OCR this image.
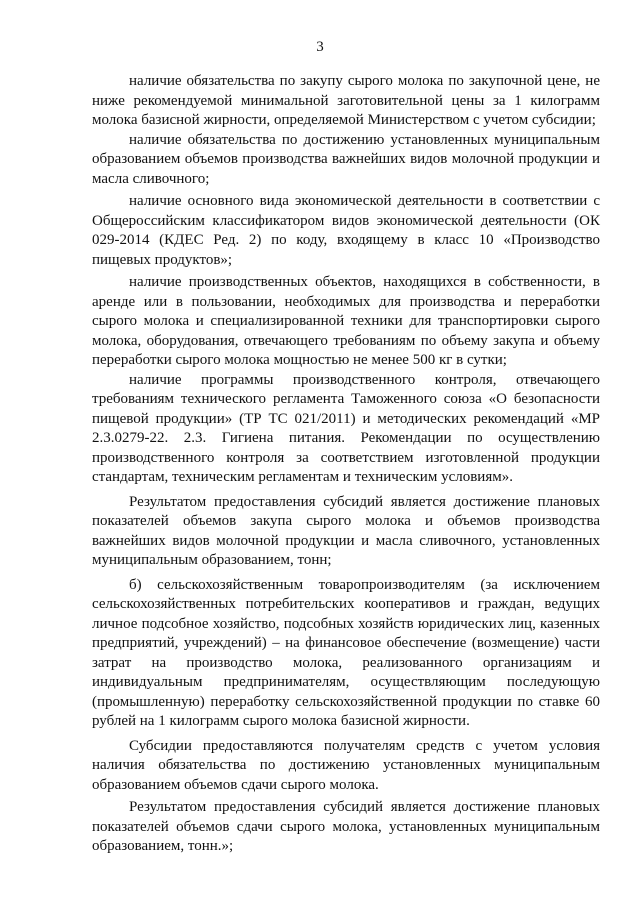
3

наличие обязательства по закупу сырого молока по закупочной цене, не ниже рекомендуемой минимальной заготовительной цены за 1 килограмм молока базисной жирности, определяемой Министерством с учетом субсидии;

наличие обязательства по достижению установленных муниципальным образованием объемов производства важнейших видов молочной продукции и масла сливочного;

наличие основного вида экономической деятельности в соответствии с Общероссийским классификатором видов экономической деятельности (ОК 029-2014 (КДЕС Ред. 2) по коду, входящему в класс 10 «Производство пищевых продуктов»;

наличие производственных объектов, находящихся в собственности, в аренде или в пользовании, необходимых для производства и переработки сырого молока и специализированной техники для транспортировки сырого молока, оборудования, отвечающего требованиям по объему закупа и объему переработки сырого молока мощностью не менее 500 кг в сутки;

наличие программы производственного контроля, отвечающего требованиям технического регламента Таможенного союза «О безопасности пищевой продукции» (ТР ТС 021/2011) и методических рекомендаций «МР 2.3.0279-22. 2.3. Гигиена питания. Рекомендации по осуществлению производственного контроля за соответствием изготовленной продукции стандартам, техническим регламентам и техническим условиям».

Результатом предоставления субсидий является достижение плановых показателей объемов закупа сырого молока и объемов производства важнейших видов молочной продукции и масла сливочного, установленных муниципальным образованием, тонн;

б) сельскохозяйственным товаропроизводителям (за исключением сельскохозяйственных потребительских кооперативов и граждан, ведущих личное подсобное хозяйство, подсобных хозяйств юридических лиц, казенных предприятий, учреждений) – на финансовое обеспечение (возмещение) части затрат на производство молока, реализованного организациям и индивидуальным предпринимателям, осуществляющим последующую (промышленную) переработку сельскохозяйственной продукции по ставке 60 рублей на 1 килограмм сырого молока базисной жирности.

Субсидии предоставляются получателям средств с учетом условия наличия обязательства по достижению установленных муниципальным образованием объемов сдачи сырого молока.

Результатом предоставления субсидий является достижение плановых показателей объемов сдачи сырого молока, установленных муниципальным образованием, тонн.»;
